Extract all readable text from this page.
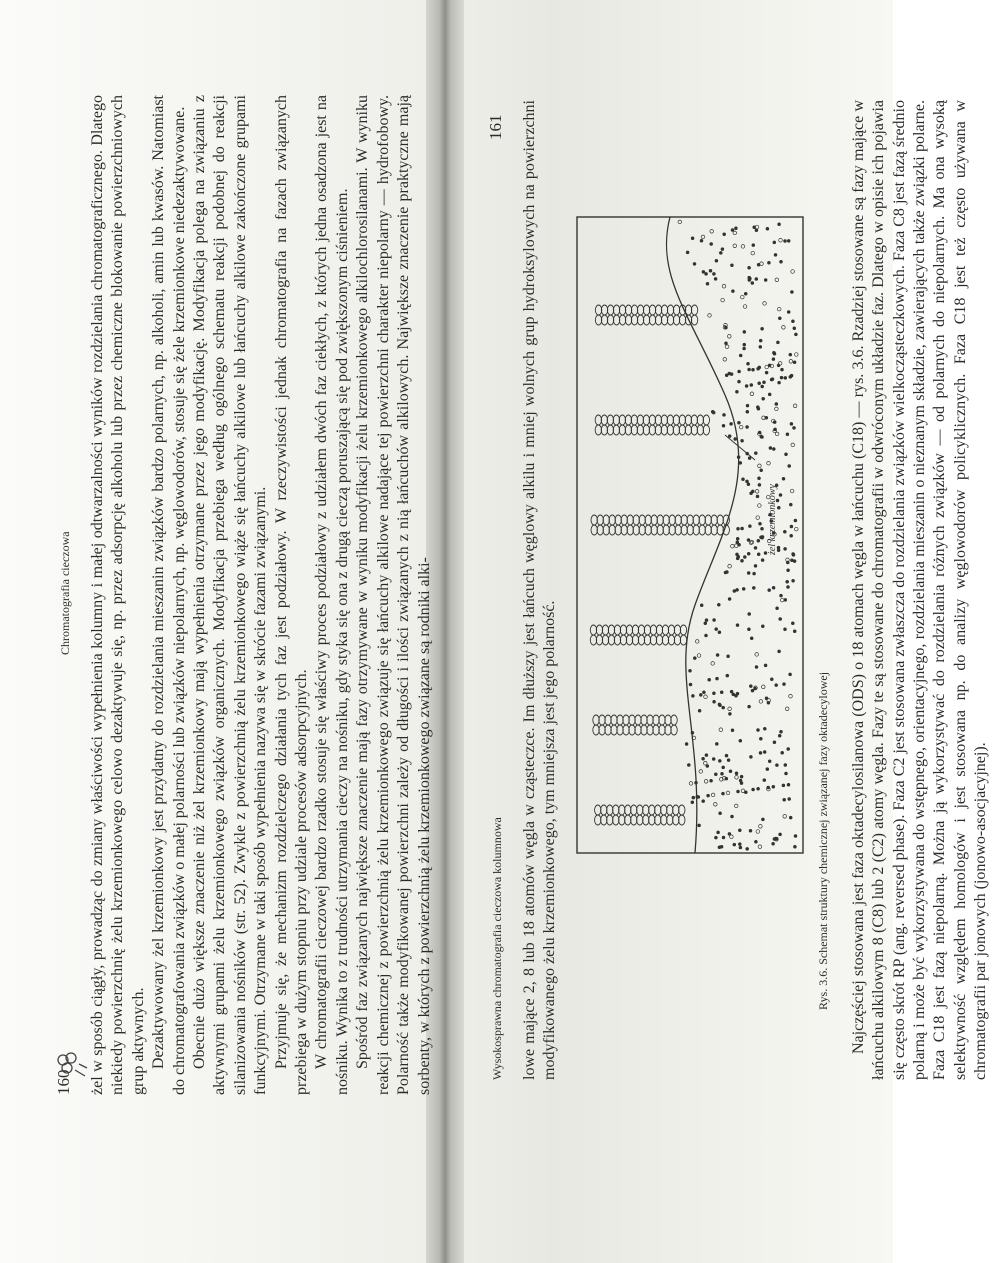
160
Chromatografia cieczowa żel w sposób ciągły, prowadząc do zmiany właściwości wypełnienia kolumny i małej odtwarzalności wyników rozdzielania chromatograficznego. Dlatego niekiedy powierzchnię żelu krzemionkowego celowo dezaktywuje się, np. przez adsorpcję alkoholu lub przez chemiczne blokowanie powierzchniowych grup aktywnych. Dezaktywowany żel krzemionkowy jest przydatny do rozdzielania mieszanin związków bardzo polarnych, np. alkoholi, amin lub kwasów. Natomiast do chromatografowania związków o małej polarności lub związków niepolarnych, np. węglowodorów, stosuje się żele krzemionkowe niedezaktywowane. Obecnie dużo większe znaczenie niż żel krzemionkowy mają wypełnienia otrzymane przez jego modyfikację. Modyfikacja polega na związaniu z aktywnymi grupami żelu krzemionkowego związków organicznych. Modyfikacja przebiega według ogólnego schematu reakcji podobnej do reakcji silanizowania nośników (str. 52). Zwykle z powierzchnią żelu krzemionkowego wiąże się łańcuchy alkilowe lub łańcuchy alkilowe zakończone grupami funkcyjnymi. Otrzymane w taki sposób wypełnienia nazywa się w skrócie fazami związanymi. Przyjmuje się, że mechanizm rozdzielczego działania tych faz jest podziałowy. W rzeczywistości jednak chromatografia na fazach związanych przebiega w dużym stopniu przy udziale procesów adsorpcyjnych. W chromatografii cieczowej bardzo rzadko stosuje się właściwy proces podziałowy z udziałem dwóch faz ciekłych, z których jedna osadzona jest na nośniku. Wynika to z trudności utrzymania cieczy na nośniku, gdy styka się ona z drugą cieczą poruszającą się pod zwiększonym ciśnieniem. Spośród faz związanych największe znaczenie mają fazy otrzymywane w wyniku modyfikacji żelu krzemionkowego alkilochlorosilanami. W wyniku reakcji chemicznej z powierzchnią żelu krzemionkowego związuje się łańcuchy alkilowe nadające tej powierzchni charakter niepolarny — hydrofobowy. Polarność także modyfikowanej powierzchni zależy od długości i ilości związanych z nią łańcuchów alkilowych. Największe znaczenie praktyczne mają sorbenty, w których z powierzchnią żelu krzemionkowego związane są rodniki alki-	Wysokosprawna chromatografia cieczowa kolumnowa
161 lowe mające 2, 8 lub 18 atomów węgla w cząsteczce. Im dłuższy jest łańcuch węglowy alkilu i mniej wolnych grup hydroksylowych na powierzchni modyfikowanego żelu krzemionkowego, tym mniejsza jest jego polarność.

żel krzemionkowy
Rys. 3.6. Schemat struktury chemicznej związanej fazy oktadecylowej Najczęściej stosowana jest faza oktadecylosilanowa (ODS) o 18 atomach węgla w łańcuchu (C18) — rys. 3.6. Rzadziej stosowane są fazy mające w łańcuchu alkilowym 8 (C8) lub 2 (C2) atomy węgla. Fazy te są stosowane do chromatografii w odwróconym układzie faz. Dlatego w opisie ich pojawia się często skrót RP (ang. reversed phase). Faza C2 jest stosowana zwłaszcza do rozdzielania związków wielkocząsteczkowych. Faza C8 jest fazą średnio polarną i może być wykorzystywana do wstępnego, orientacyjnego, rozdzielania mieszanin o nieznanym składzie, zawierających także związki polarne. Faza C18 jest fazą niepolarną. Można ją wykorzystywać do rozdzielania różnych związków — od polarnych do niepolarnych. Ma ona wysoką selektywność względem homologów i jest stosowana np. do analizy węglowodorów policyklicznych. Faza C18 jest też często używana w chromatografii par jonowych (jonowo-asocjacyjnej).
